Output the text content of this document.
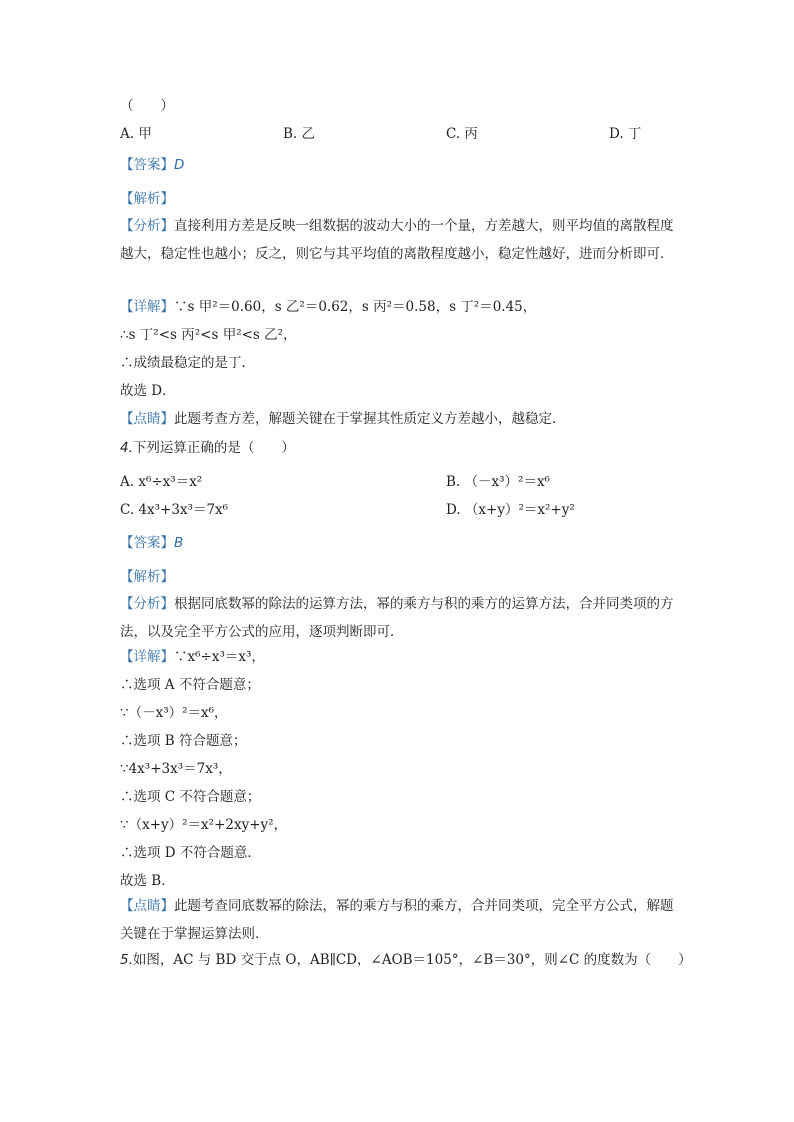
（　　）
A. 甲	B. 乙	C. 丙	D. 丁
【答案】D
【解析】
【分析】直接利用方差是反映一组数据的波动大小的一个量，方差越大，则平均值的离散程度越大，稳定性也越小；反之，则它与其平均值的离散程度越小，稳定性越好，进而分析即可．
【详解】∵s 甲²＝0.60，s 乙²＝0.62，s 丙²＝0.58，s 丁²＝0.45，
∴s 丁²<s 丙²<s 甲²<s 乙²，
∴成绩最稳定的是丁．
故选 D．
【点睛】此题考查方差，解题关键在于掌握其性质定义方差越小，越稳定．
4.下列运算正确的是（　　）
A. x⁶÷x³＝x²	B. （－x³）²＝x⁶
C. 4x³+3x³＝7x⁶	D. （x+y）²＝x²+y²
【答案】B
【解析】
【分析】根据同底数幂的除法的运算方法，幂的乘方与积的乘方的运算方法，合并同类项的方法，以及完全平方公式的应用，逐项判断即可．
【详解】∵x⁶÷x³＝x³，
∴选项 A 不符合题意；
∵（－x³）²＝x⁶，
∴选项 B 符合题意；
∵4x³+3x³＝7x³，
∴选项 C 不符合题意；
∵（x+y）²＝x²+2xy+y²，
∴选项 D 不符合题意．
故选 B．
【点睛】此题考查同底数幂的除法，幂的乘方与积的乘方，合并同类项，完全平方公式，解题关键在于掌握运算法则．
5.如图，AC 与 BD 交于点 O，AB∥CD，∠AOB＝105°，∠B＝30°，则∠C 的度数为（　　）
